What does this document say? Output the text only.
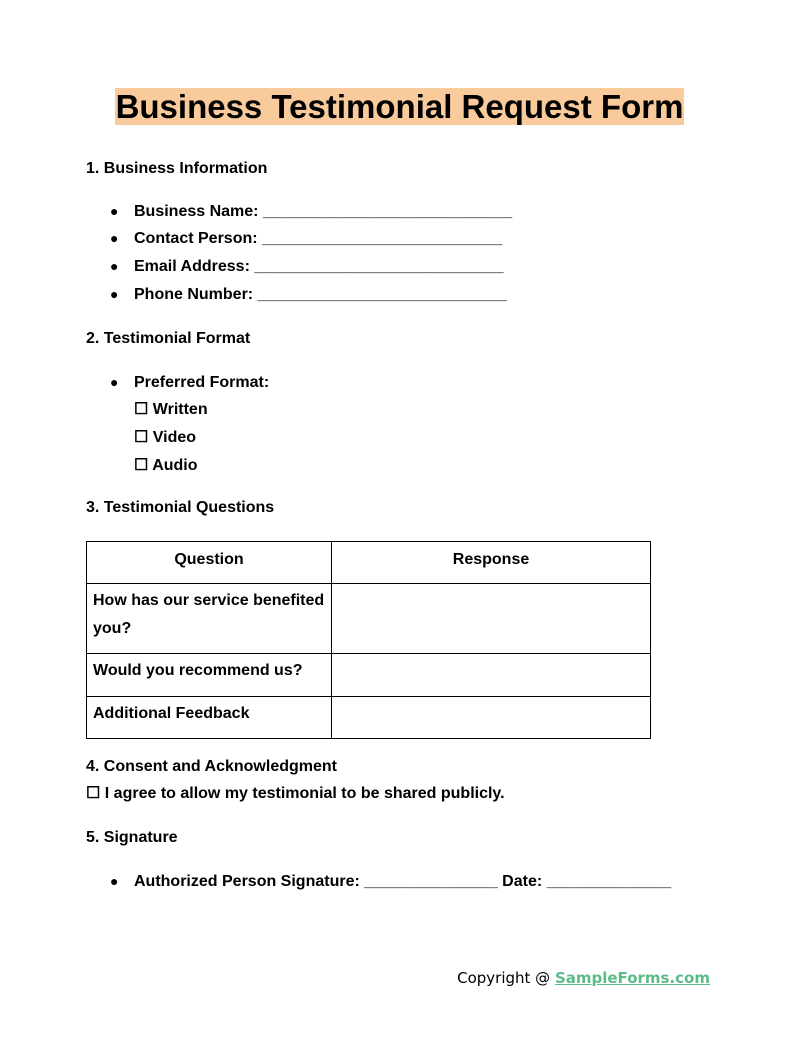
Business Testimonial Request Form
1. Business Information
● Business Name: ____________________________
● Contact Person: ___________________________
● Email Address: ____________________________
● Phone Number: ____________________________
2. Testimonial Format
● Preferred Format:
☐ Written
☐ Video
☐ Audio
3. Testimonial Questions
Question	Response
How has our service benefited you?	
Would you recommend us?	
Additional Feedback	
4. Consent and Acknowledgment
☐ I agree to allow my testimonial to be shared publicly.
5. Signature
● Authorized Person Signature: _______________ Date: ______________
Copyright @ SampleForms.com
